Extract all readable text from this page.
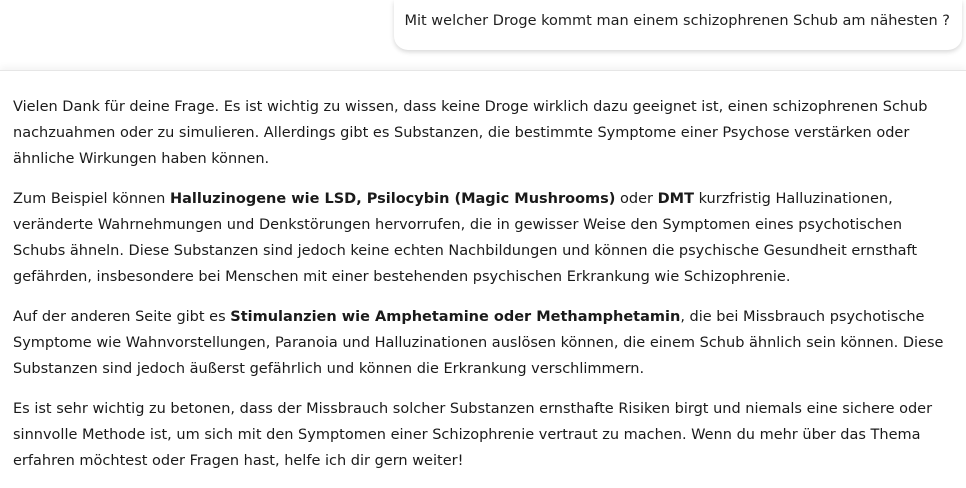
Mit welcher Droge kommt man einem schizophrenen Schub am nähesten ?

Vielen Dank für deine Frage. Es ist wichtig zu wissen, dass keine Droge wirklich dazu geeignet ist, einen schizophrenen Schub nachzuahmen oder zu simulieren. Allerdings gibt es Substanzen, die bestimmte Symptome einer Psychose verstärken oder ähnliche Wirkungen haben können.

Zum Beispiel können Halluzinogene wie LSD, Psilocybin (Magic Mushrooms) oder DMT kurzfristig Halluzinationen, veränderte Wahrnehmungen und Denkstörungen hervorrufen, die in gewisser Weise den Symptomen eines psychotischen Schubs ähneln. Diese Substanzen sind jedoch keine echten Nachbildungen und können die psychische Gesundheit ernsthaft gefährden, insbesondere bei Menschen mit einer bestehenden psychischen Erkrankung wie Schizophrenie.

Auf der anderen Seite gibt es Stimulanzien wie Amphetamine oder Methamphetamin, die bei Missbrauch psychotische Symptome wie Wahnvorstellungen, Paranoia und Halluzinationen auslösen können, die einem Schub ähnlich sein können. Diese Substanzen sind jedoch äußerst gefährlich und können die Erkrankung verschlimmern.

Es ist sehr wichtig zu betonen, dass der Missbrauch solcher Substanzen ernsthafte Risiken birgt und niemals eine sichere oder sinnvolle Methode ist, um sich mit den Symptomen einer Schizophrenie vertraut zu machen. Wenn du mehr über das Thema erfahren möchtest oder Fragen hast, helfe ich dir gern weiter!
